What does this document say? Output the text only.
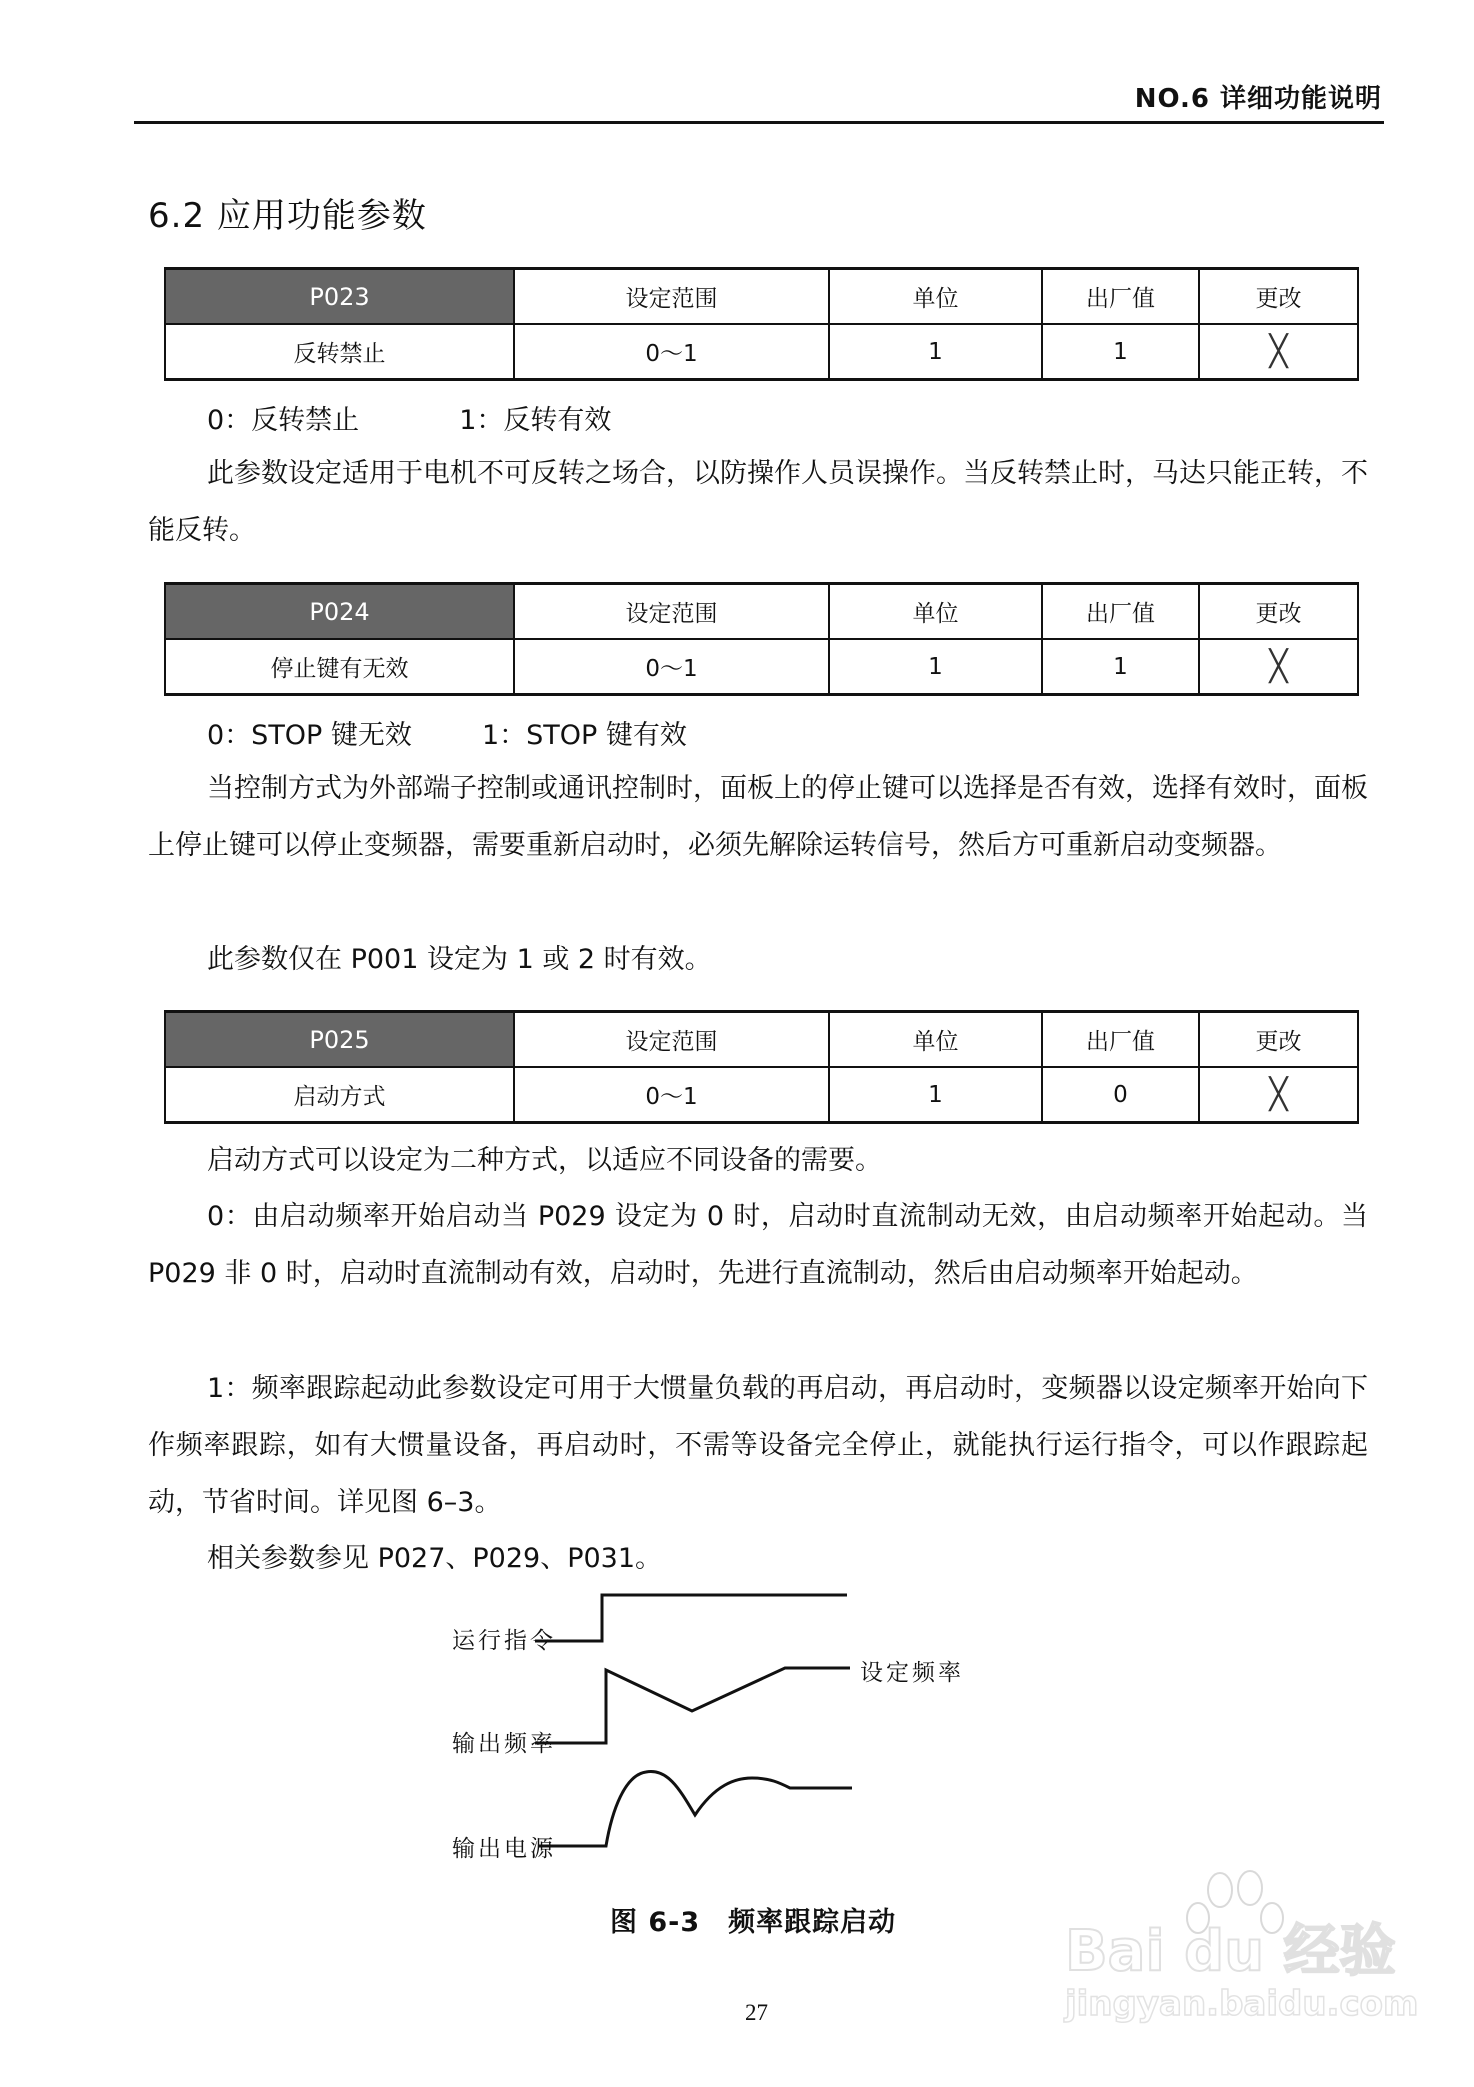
NO.6 详细功能说明
6.2 应用功能参数
P023	设定范围	单位	出厂值	更改
反转禁止	0～1	1	1	╳
0：反转禁止	1：反转有效

此参数设定适用于电机不可反转之场合，以防操作人员误操作。当反转禁止时，马达只能正转，不能反转。

P024	设定范围	单位	出厂值	更改
停止键有无效	0～1	1	1	╳
0：STOP 键无效	1：STOP 键有效

当控制方式为外部端子控制或通讯控制时，面板上的停止键可以选择是否有效，选择有效时，面板上停止键可以停止变频器，需要重新启动时，必须先解除运转信号，然后方可重新启动变频器。

此参数仅在 P001 设定为 1 或 2 时有效。

P025	设定范围	单位	出厂值	更改
启动方式	0～1	1	0	╳

启动方式可以设定为二种方式，以适应不同设备的需要。

0：由启动频率开始启动当 P029 设定为 0 时，启动时直流制动无效，由启动频率开始起动。当 P029 非 0 时，启动时直流制动有效，启动时，先进行直流制动，然后由启动频率开始起动。

1：频率跟踪起动此参数设定可用于大惯量负载的再启动，再启动时，变频器以设定频率开始向下作频率跟踪，如有大惯量设备，再启动时，不需等设备完全停止，就能执行运行指令，可以作跟踪起动，节省时间。详见图 6–3。

相关参数参见 P027、P029、P031。

运行指令
输出频率
输出电源
设定频率
图 6-3　频率跟踪启动
27
Bai du 经验
jingyan.baidu.com
